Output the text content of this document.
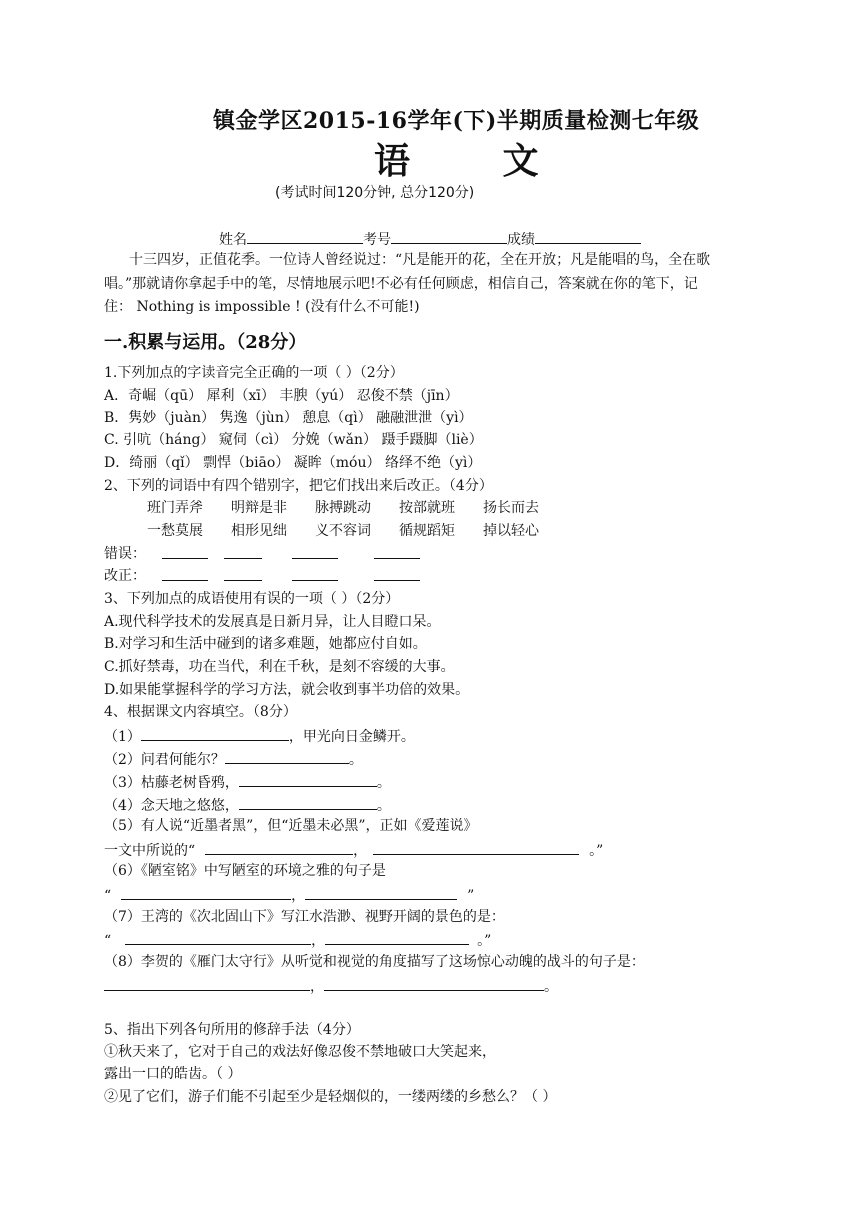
镇金学区2015-16学年(下)半期质量检测七年级
语 文
(考试时间120分钟, 总分120分)
姓名	考号	成绩
十三四岁，正值花季。一位诗人曾经说过：“凡是能开的花，全在开放；凡是能唱的鸟，全在歌
唱。”那就请你拿起手中的笔，尽情地展示吧!不必有任何顾虑，相信自己，答案就在你的笔下，记
住： Nothing is impossible ! (没有什么不可能!)
一.积累与运用。（28分）
1.下列加点的字读音完全正确的一项（ ）（2分）
A．奇崛（qū） 犀利（xī） 丰腴（yú） 忍俊不禁（jīn）
B．隽妙（juàn） 隽逸（jùn） 憩息（qì） 融融泄泄（yì）
C. 引吭（háng） 窥伺（cì） 分娩（wǎn） 蹑手蹑脚（liè）
D．绮丽（qǐ） 剽悍（biāo） 凝眸（móu） 络绎不绝（yì）
2、下列的词语中有四个错别字，把它们找出来后改正。（4分）
班门弄斧 明辩是非 脉搏跳动 按部就班 扬长而去
一愁莫展 相形见绌 义不容词 循规蹈矩 掉以轻心
错误：
改正：
3、下列加点的成语使用有误的一项（ ）（2分）
A.现代科学技术的发展真是日新月异，让人目瞪口呆。
B.对学习和生活中碰到的诸多难题，她都应付自如。
C.抓好禁毒，功在当代，利在千秋，是刻不容缓的大事。
D.如果能掌握科学的学习方法，就会收到事半功倍的效果。
4、根据课文内容填空。（8分）
（1）	，甲光向日金鳞开。
（2）问君何能尔？	。
（3）枯藤老树昏鸦，	。
（4）念天地之悠悠，	。
（5）有人说“近墨者黑”，但“近墨未必黑”，正如《爱莲说》
一文中所说的“	，	。”
（6）《陋室铭》中写陋室的环境之雅的句子是
“	，	”
（7）王湾的《次北固山下》写江水浩渺、视野开阔的景色的是：
“	，	。”
（8）李贺的《雁门太守行》从听觉和视觉的角度描写了这场惊心动魄的战斗的句子是：
，	。
5、指出下列各句所用的修辞手法（4分）
①秋天来了，它对于自己的戏法好像忍俊不禁地破口大笑起来，
露出一口的皓齿。（ ）
②见了它们，游子们能不引起至少是轻烟似的，一缕两缕的乡愁么？（ ）
